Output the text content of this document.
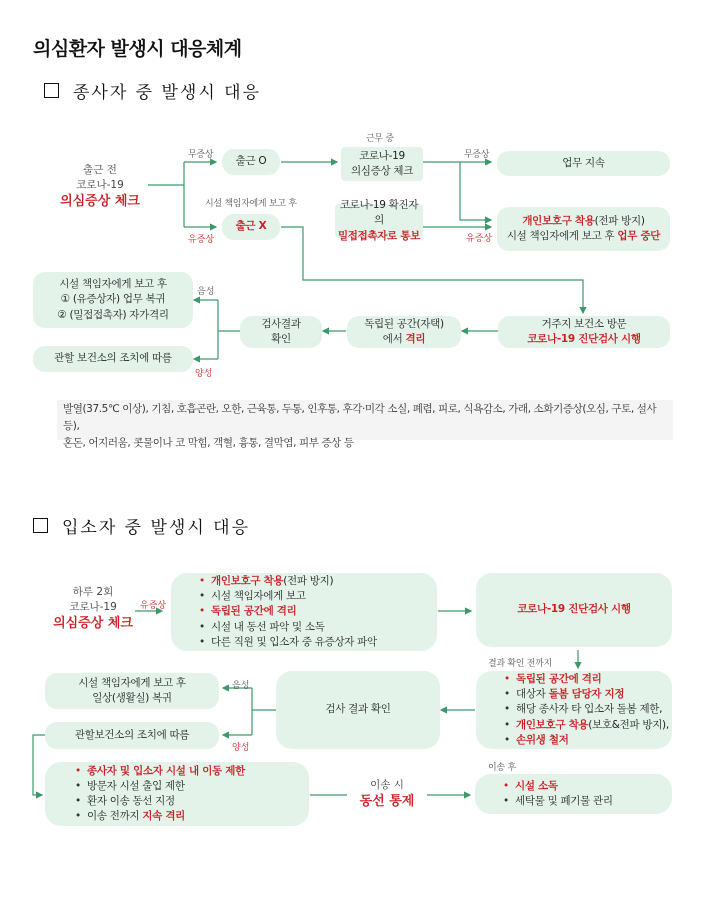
의심환자 발생시 대응체계
종사자 중 발생시 대응
출근 전
코로나-19
의심증상 체크
무증상
유증상
시설 책임자에게 보고 후
출근 O
출근 X
근무 중
코로나-19
의심증상 체크
코로나-19 확진자의
밀접접촉자로 통보
무증상
유증상
업무 지속
개인보호구 착용(전파 방지)
시설 책임자에게 보고 후 업무 중단
거주지 보건소 방문
코로나-19 진단검사 시행
독립된 공간(자택)
에서 격리
검사결과
확인
음성
양성
시설 책임자에게 보고 후
① (유증상자) 업무 복귀
② (밀접접촉자) 자가격리
관할 보건소의 조치에 따름
발열(37.5℃ 이상), 기침, 호흡곤란, 오한, 근육통, 두통, 인후통, 후각·미각 소실, 폐렴, 피로, 식욕감소, 가래, 소화기증상(오심, 구토, 설사 등),
혼돈, 어지러움, 콧물이나 코 막힘, 객혈, 흉통, 결막염, 피부 증상 등
입소자 중 발생시 대응
하루 2회
코로나-19
의심증상 체크
유증상
• 개인보호구 착용(전파 방지)
• 시설 책임자에게 보고
• 독립된 공간에 격리
• 시설 내 동선 파악 및 소독
• 다른 직원 및 입소자 중 유증상자 파악
코로나-19 진단검사 시행
결과 확인 전까지
• 독립된 공간에 격리
• 대상자 돌봄 담당자 지정
• 해당 종사자 타 입소자 돌봄 제한,
• 개인보호구 착용(보호&전파 방지),
• 손위생 철저
검사 결과 확인
음성
양성
시설 책임자에게 보고 후
일상(생활실) 복귀
관할보건소의 조치에 따름
• 종사자 및 입소자 시설 내 이동 제한
• 방문자 시설 출입 제한
• 환자 이송 동선 지정
• 이송 전까지 지속 격리
이송 시
동선 통제
이송 후
• 시설 소독
• 세탁물 및 폐기물 관리
